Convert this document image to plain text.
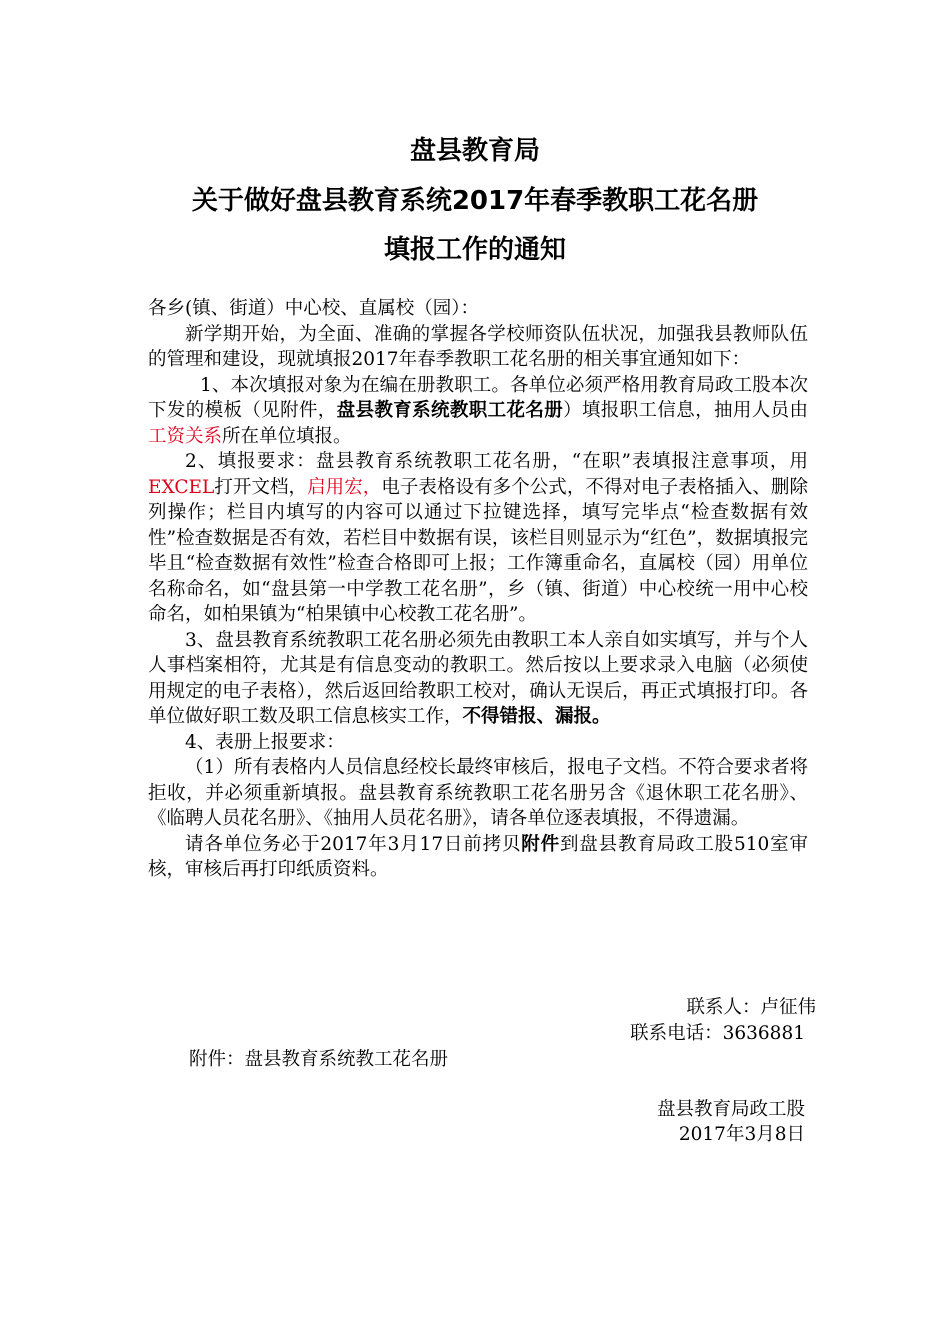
盘县教育局
关于做好盘县教育系统2017年春季教职工花名册
填报工作的通知

各乡(镇、街道）中心校、直属校（园）：

新学期开始，为全面、准确的掌握各学校师资队伍状况，加强我县教师队伍的管理和建设，现就填报2017年春季教职工花名册的相关事宜通知如下：

1、本次填报对象为在编在册教职工。各单位必须严格用教育局政工股本次下发的模板（见附件，盘县教育系统教职工花名册）填报职工信息，抽用人员由工资关系所在单位填报。

2、填报要求：盘县教育系统教职工花名册，“在职”表填报注意事项，用EXCEL打开文档，启用宏，电子表格设有多个公式，不得对电子表格插入、删除列操作；栏目内填写的内容可以通过下拉键选择，填写完毕点“检查数据有效性”检查数据是否有效，若栏目中数据有误，该栏目则显示为“红色”，数据填报完毕且“检查数据有效性”检查合格即可上报；工作簿重命名，直属校（园）用单位名称命名，如“盘县第一中学教工花名册”，乡（镇、街道）中心校统一用中心校命名，如柏果镇为“柏果镇中心校教工花名册”。

3、盘县教育系统教职工花名册必须先由教职工本人亲自如实填写，并与个人人事档案相符，尤其是有信息变动的教职工。然后按以上要求录入电脑（必须使用规定的电子表格），然后返回给教职工校对，确认无误后，再正式填报打印。各单位做好职工数及职工信息核实工作，不得错报、漏报。

4、表册上报要求：

（1）所有表格内人员信息经校长最终审核后，报电子文档。不符合要求者将拒收，并必须重新填报。盘县教育系统教职工花名册另含《退休职工花名册》、《临聘人员花名册》、《抽用人员花名册》，请各单位逐表填报，不得遗漏。

请各单位务必于2017年3月17日前拷贝附件到盘县教育局政工股510室审核，审核后再打印纸质资料。

联系人：卢征伟
联系电话：3636881
附件：盘县教育系统教工花名册
盘县教育局政工股
2017年3月8日
